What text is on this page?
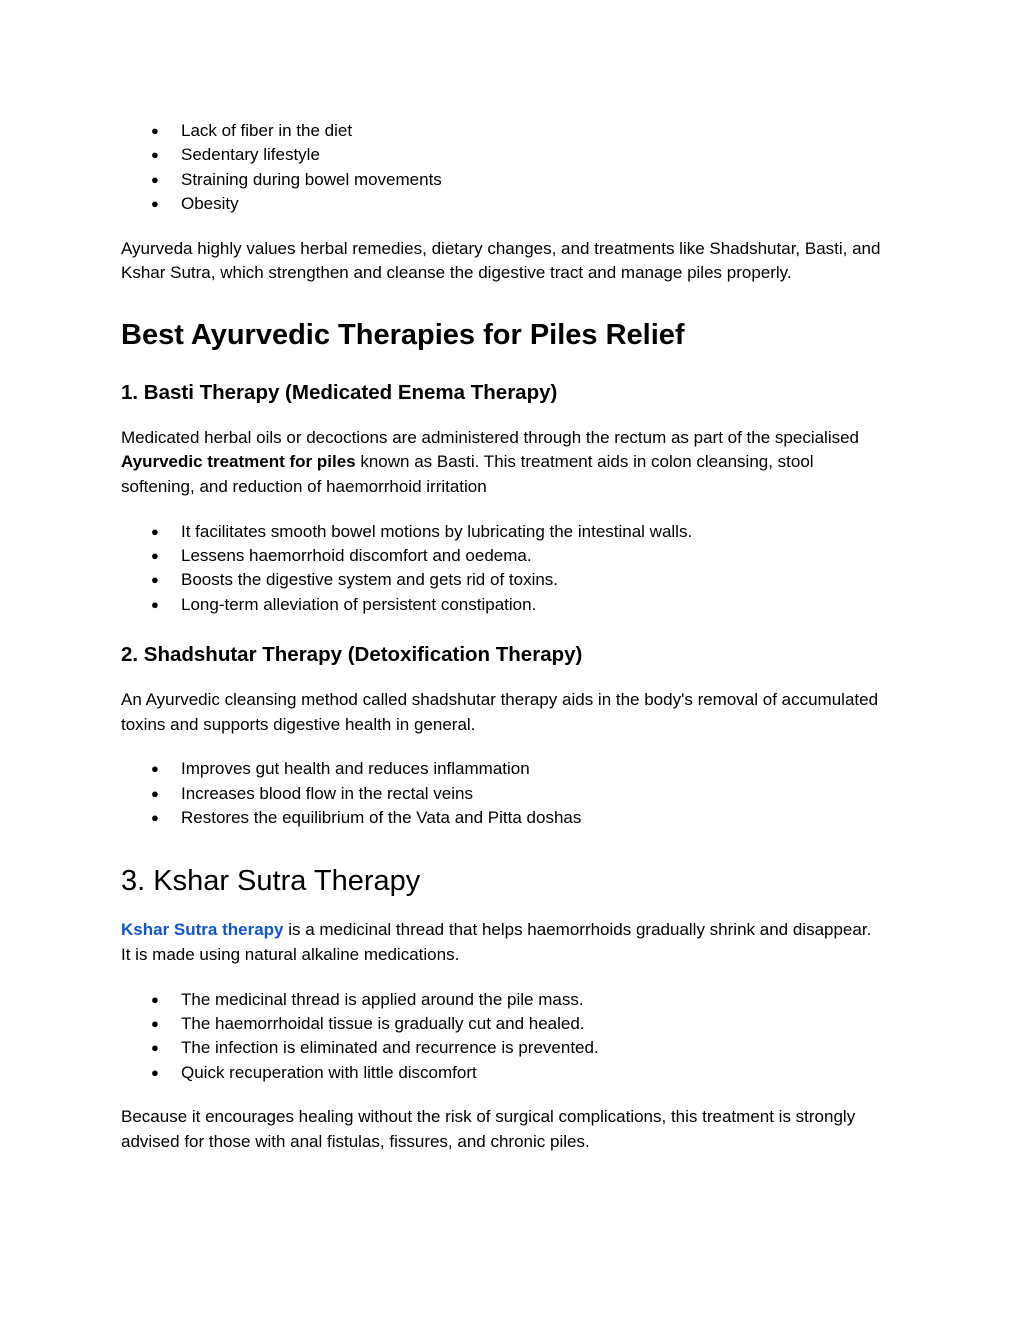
● Lack of fiber in the diet
● Sedentary lifestyle
● Straining during bowel movements
● Obesity

Ayurveda highly values herbal remedies, dietary changes, and treatments like Shadshutar, Basti, and Kshar Sutra, which strengthen and cleanse the digestive tract and manage piles properly.

Best Ayurvedic Therapies for Piles Relief
1. Basti Therapy (Medicated Enema Therapy)

Medicated herbal oils or decoctions are administered through the rectum as part of the specialised Ayurvedic treatment for piles known as Basti. This treatment aids in colon cleansing, stool softening, and reduction of haemorrhoid irritation

● It facilitates smooth bowel motions by lubricating the intestinal walls.
● Lessens haemorrhoid discomfort and oedema.
● Boosts the digestive system and gets rid of toxins.
● Long-term alleviation of persistent constipation.
2. Shadshutar Therapy (Detoxification Therapy)

An Ayurvedic cleansing method called shadshutar therapy aids in the body's removal of accumulated toxins and supports digestive health in general.

● Improves gut health and reduces inflammation
● Increases blood flow in the rectal veins
● Restores the equilibrium of the Vata and Pitta doshas
3. Kshar Sutra Therapy

Kshar Sutra therapy is a medicinal thread that helps haemorrhoids gradually shrink and disappear. It is made using natural alkaline medications.

● The medicinal thread is applied around the pile mass.
● The haemorrhoidal tissue is gradually cut and healed.
● The infection is eliminated and recurrence is prevented.
● Quick recuperation with little discomfort

Because it encourages healing without the risk of surgical complications, this treatment is strongly advised for those with anal fistulas, fissures, and chronic piles.
